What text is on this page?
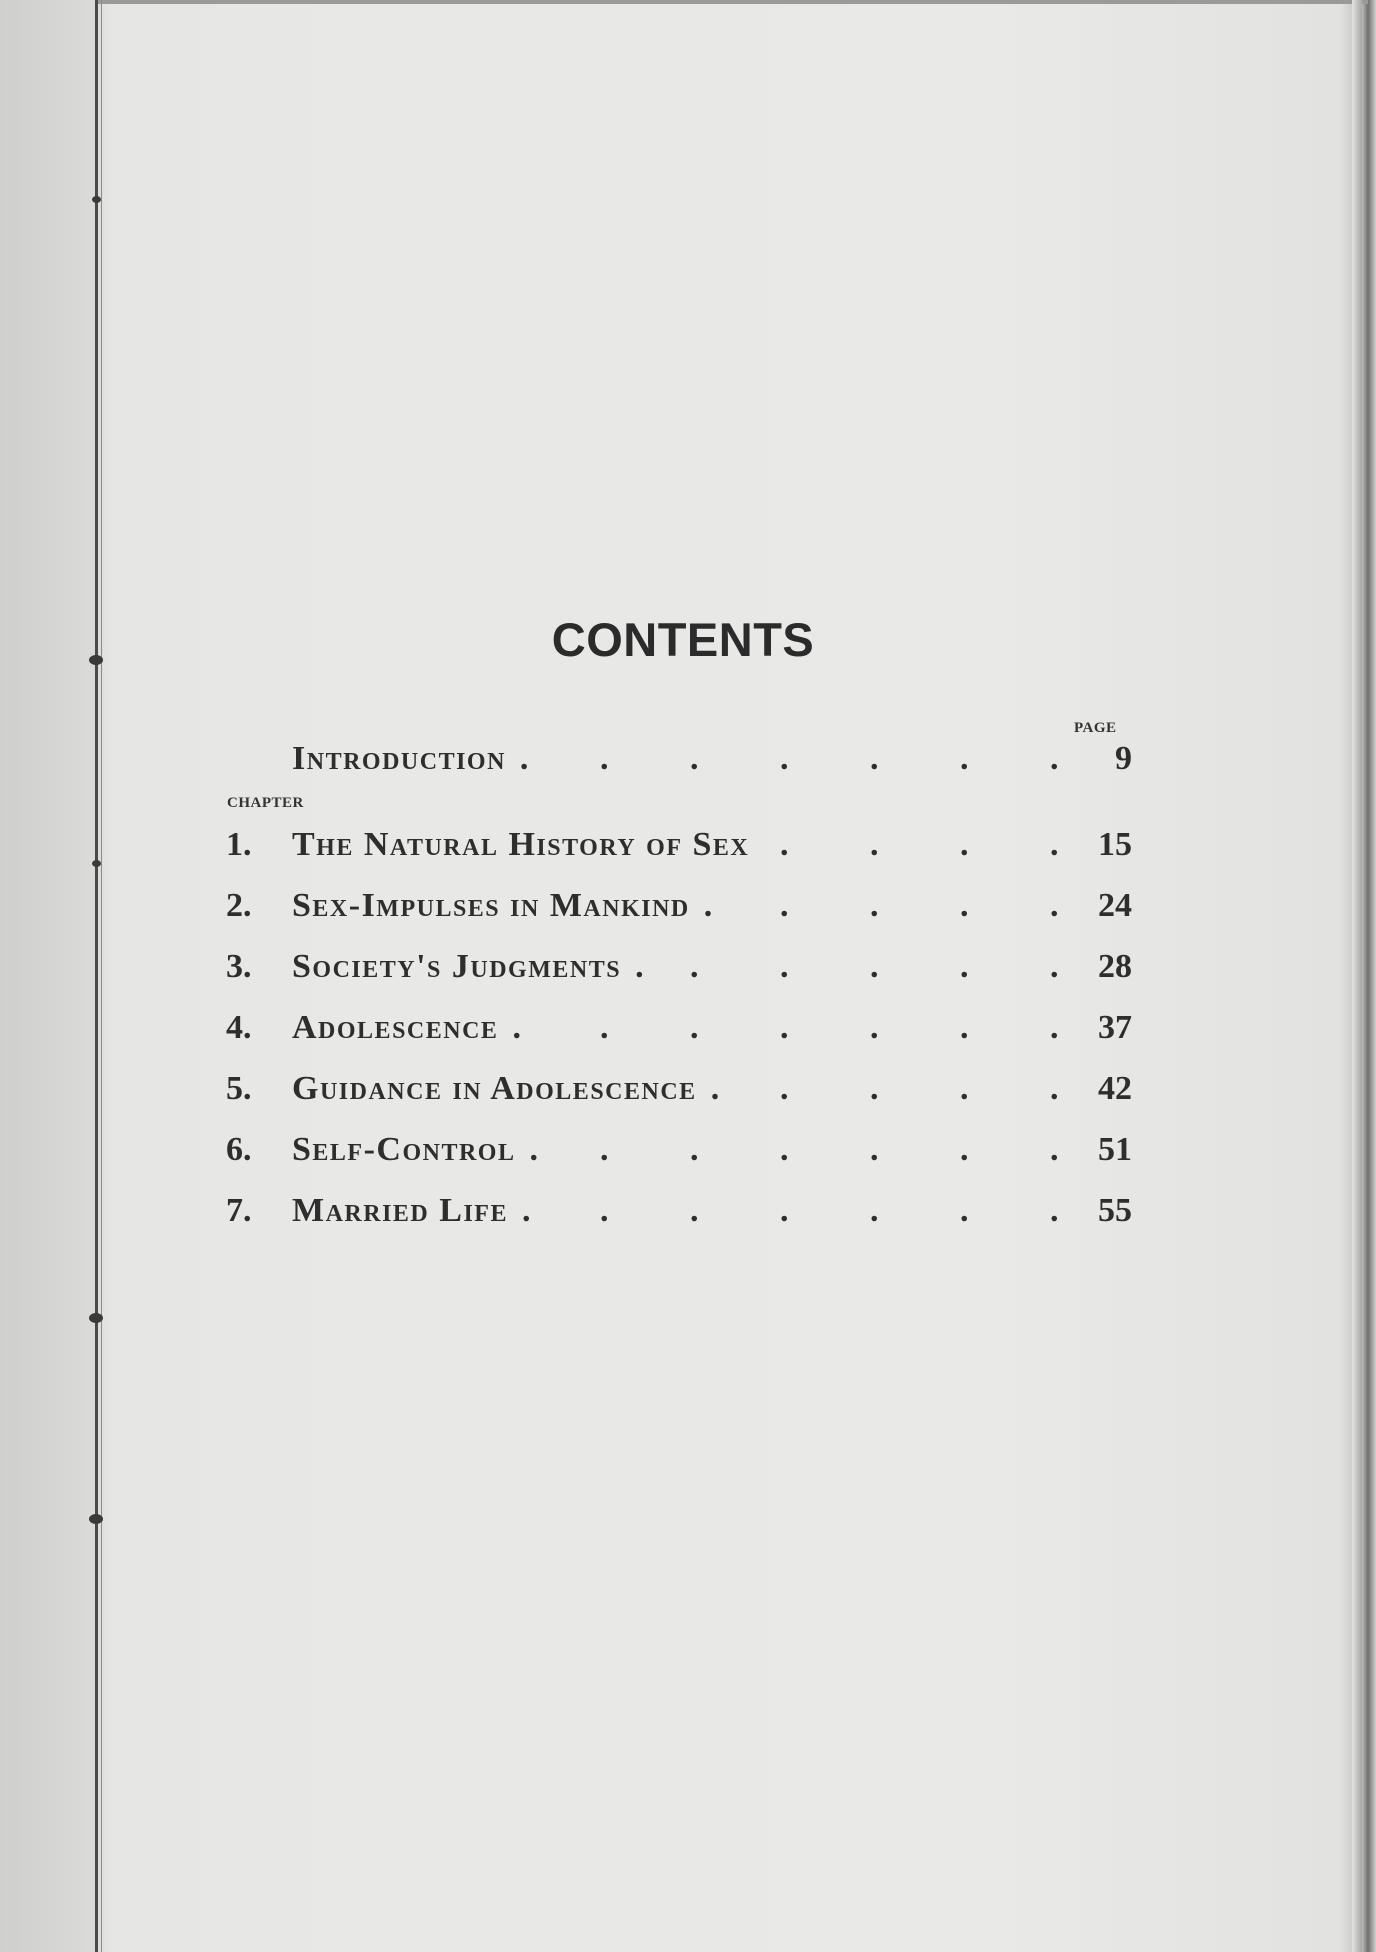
CONTENTS
PAGE
Introduction	9
. . . . . . .
CHAPTER
1. The Natural History of Sex	15
. . . .
2. Sex-Impulses in Mankind	24
. . . . .
3. Society's Judgments	28
. . . . . .
4. Adolescence	37
. . . . . . .
5. Guidance in Adolescence	42
. . . . .
6. Self-Control	51
. . . . . . .
7. Married Life	55
. . . . . . .
